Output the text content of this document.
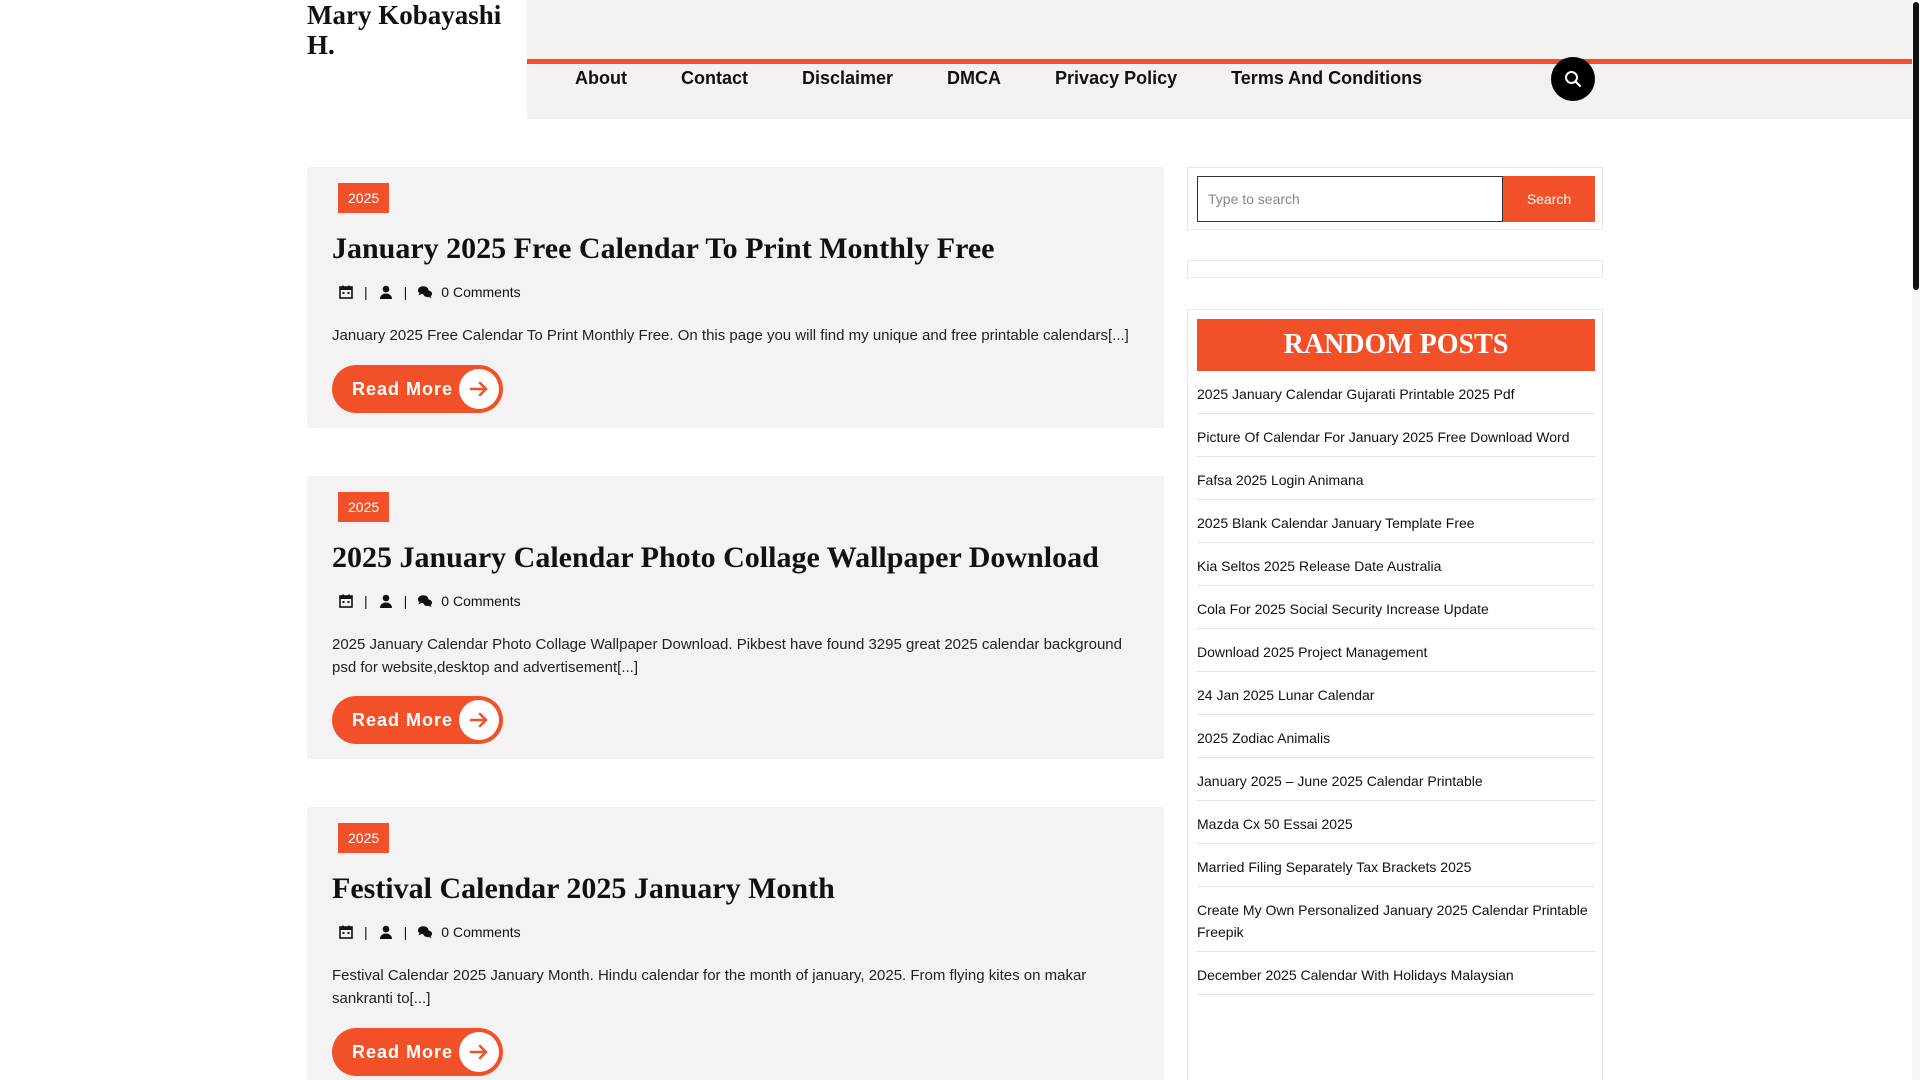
Mary Kobayashi H.
About	Contact	Disclaimer	DMCA	Privacy Policy	Terms And Conditions
2025
January 2025 Free Calendar To Print Monthly Free
|	| 0 Comments

January 2025 Free Calendar To Print Monthly Free. On this page you will find my unique and free printable calendars[...]

Read More
2025
2025 January Calendar Photo Collage Wallpaper Download
|	| 0 Comments

2025 January Calendar Photo Collage Wallpaper Download. Pikbest have found 3295 great 2025 calendar background psd for website,desktop and advertisement[...]

Read More
2025
Festival Calendar 2025 January Month
|	| 0 Comments

Festival Calendar 2025 January Month. Hindu calendar for the month of january, 2025. From flying kites on makar sankranti to[...]

Read More
Type to search
Search
RANDOM POSTS
2025 January Calendar Gujarati Printable 2025 Pdf
Picture Of Calendar For January 2025 Free Download Word
Fafsa 2025 Login Animana
2025 Blank Calendar January Template Free
Kia Seltos 2025 Release Date Australia
Cola For 2025 Social Security Increase Update
Download 2025 Project Management
24 Jan 2025 Lunar Calendar
2025 Zodiac Animalis
January 2025 – June 2025 Calendar Printable
Mazda Cx 50 Essai 2025
Married Filing Separately Tax Brackets 2025
Create My Own Personalized January 2025 Calendar Printable Freepik
December 2025 Calendar With Holidays Malaysian
